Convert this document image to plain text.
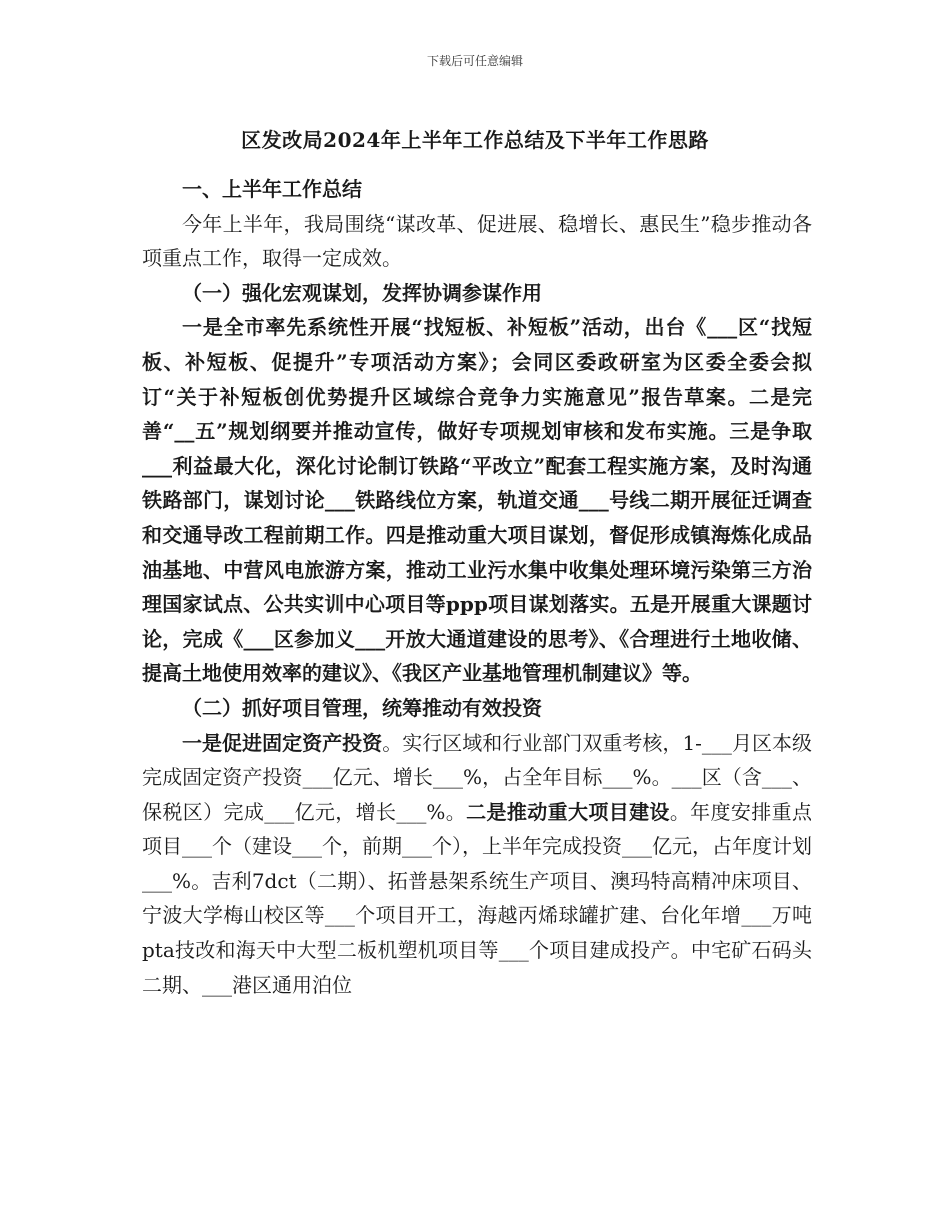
下载后可任意编辑
区发改局2024年上半年工作总结及下半年工作思路

一、上半年工作总结

今年上半年，我局围绕“谋改革、促进展、稳增长、惠民生”稳步推动各项重点工作，取得一定成效。

（一）强化宏观谋划，发挥协调参谋作用

一是全市率先系统性开展“找短板、补短板”活动，出台《___区“找短板、补短板、促提升”专项活动方案》；会同区委政研室为区委全委会拟订“关于补短板创优势提升区域综合竞争力实施意见”报告草案。二是完善“__五”规划纲要并推动宣传，做好专项规划审核和发布实施。三是争取___利益最大化，深化讨论制订铁路“平改立”配套工程实施方案，及时沟通铁路部门，谋划讨论___铁路线位方案，轨道交通___号线二期开展征迁调查和交通导改工程前期工作。四是推动重大项目谋划，督促形成镇海炼化成品油基地、中营风电旅游方案，推动工业污水集中收集处理环境污染第三方治理国家试点、公共实训中心项目等ppp项目谋划落实。五是开展重大课题讨论，完成《___区参加义___开放大通道建设的思考》、《合理进行土地收储、提高土地使用效率的建议》、《我区产业基地管理机制建议》等。

（二）抓好项目管理，统筹推动有效投资

一是促进固定资产投资。实行区域和行业部门双重考核，1-___月区本级完成固定资产投资___亿元、增长___%，占全年目标___%。___区（含___、保税区）完成___亿元，增长___%。二是推动重大项目建设。年度安排重点项目___个（建设___个，前期___个），上半年完成投资___亿元，占年度计划___%。吉利7dct（二期）、拓普悬架系统生产项目、澳玛特高精冲床项目、宁波大学梅山校区等___个项目开工，海越丙烯球罐扩建、台化年增___万吨pta技改和海天中大型二板机塑机项目等___个项目建成投产。中宅矿石码头二期、___港区通用泊位
